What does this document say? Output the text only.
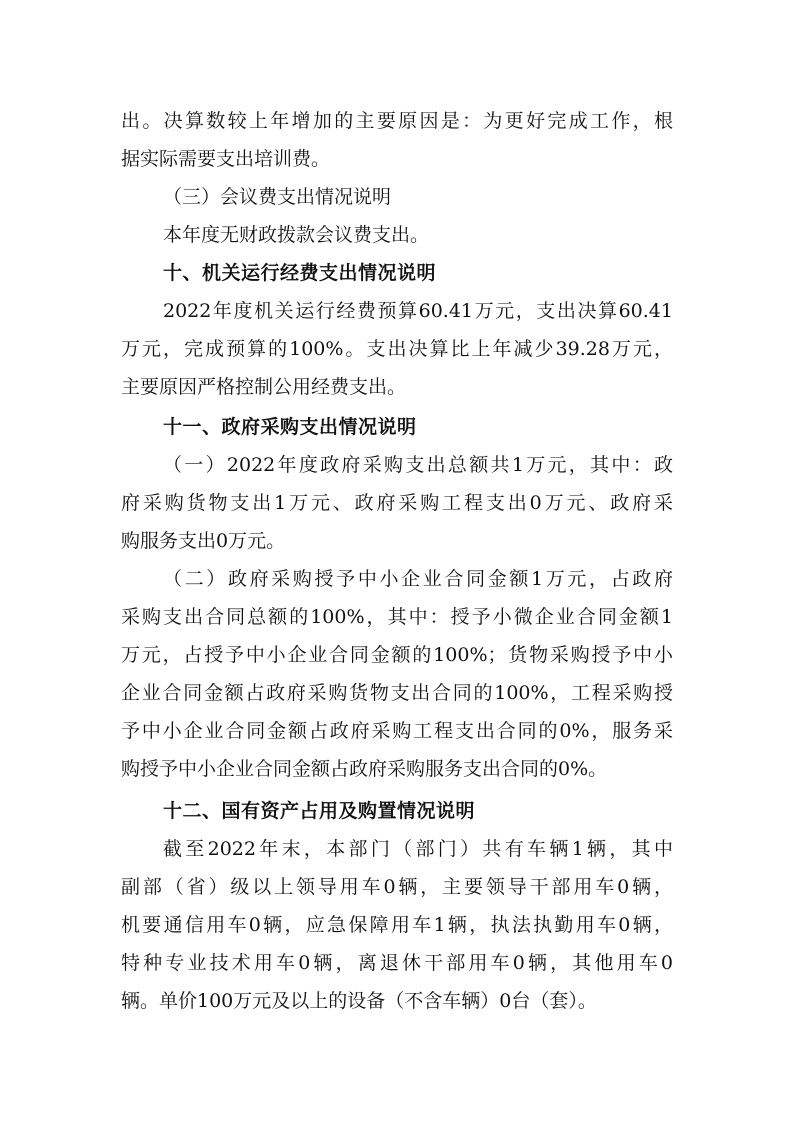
出。决算数较上年增加的主要原因是：为更好完成工作，根
据实际需要支出培训费。
（三）会议费支出情况说明
本年度无财政拨款会议费支出。
十、机关运行经费支出情况说明
2022年度机关运行经费预算60.41万元，支出决算60.41
万元，完成预算的100%。支出决算比上年减少39.28万元，
主要原因严格控制公用经费支出。
十一、政府采购支出情况说明
（一）2022年度政府采购支出总额共1万元，其中：政
府采购货物支出1万元、政府采购工程支出0万元、政府采
购服务支出0万元。
（二）政府采购授予中小企业合同金额1万元，占政府
采购支出合同总额的100%，其中：授予小微企业合同金额1
万元，占授予中小企业合同金额的100%；货物采购授予中小
企业合同金额占政府采购货物支出合同的100%，工程采购授
予中小企业合同金额占政府采购工程支出合同的0%，服务采
购授予中小企业合同金额占政府采购服务支出合同的0%。
十二、国有资产占用及购置情况说明
截至2022年末，本部门（部门）共有车辆1辆，其中
副部（省）级以上领导用车0辆，主要领导干部用车0辆，
机要通信用车0辆，应急保障用车1辆，执法执勤用车0辆，
特种专业技术用车0辆，离退休干部用车0辆，其他用车0
辆。单价100万元及以上的设备（不含车辆）0台（套）。
